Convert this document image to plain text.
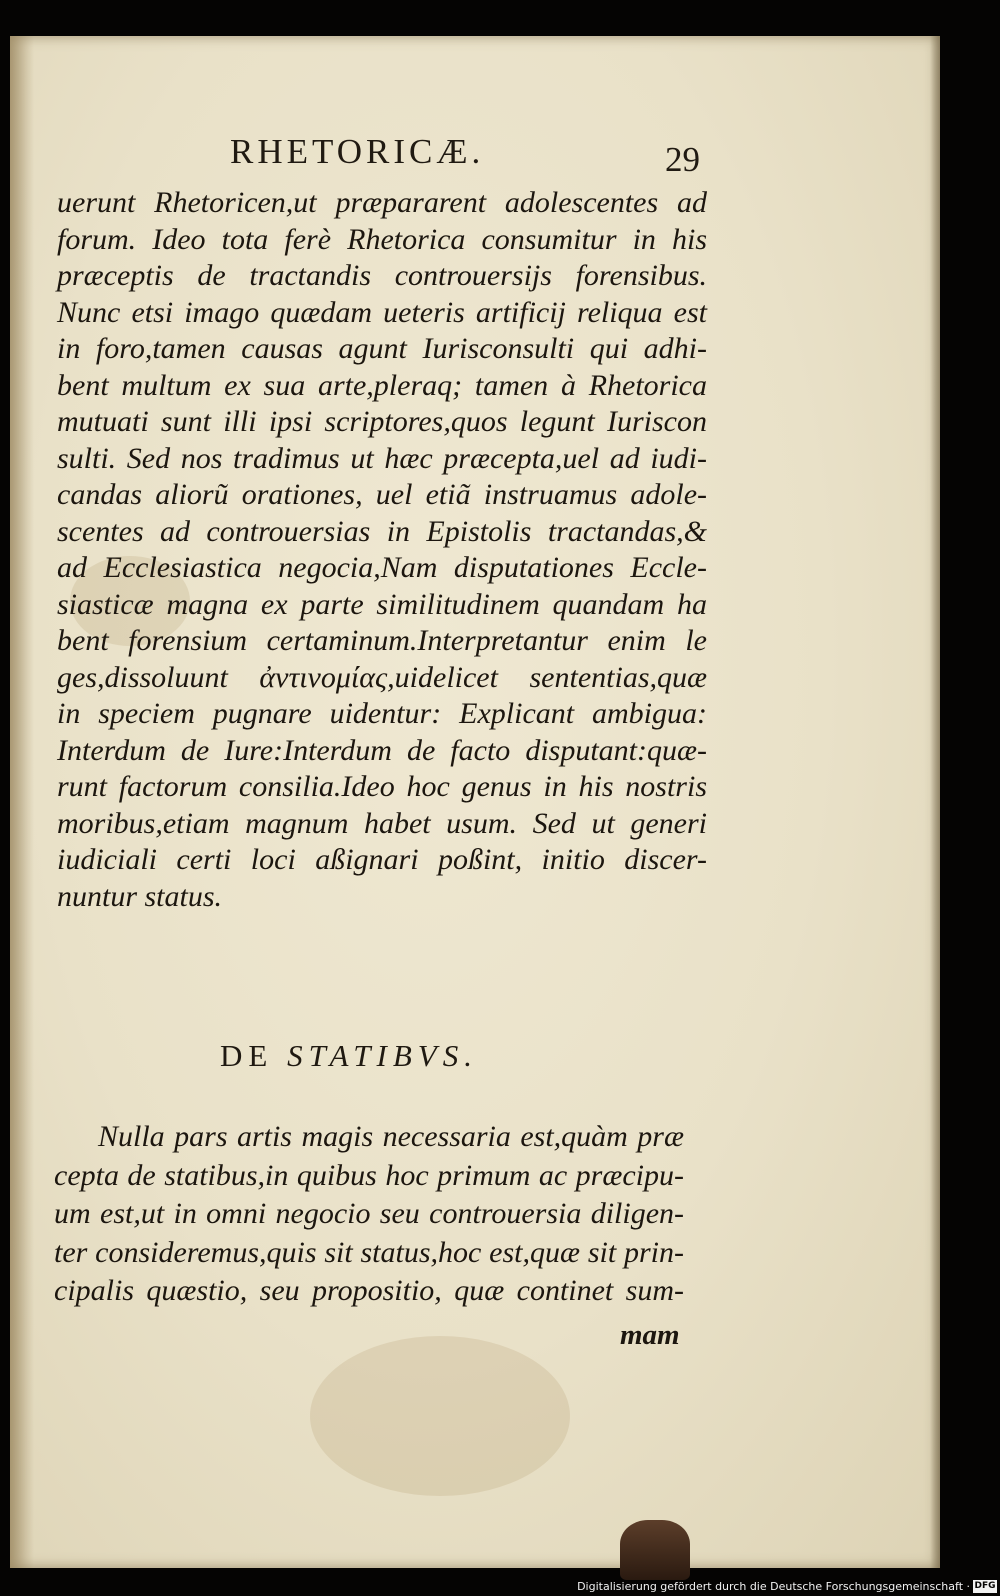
RHETORICÆ.	29
uerunt Rhetoricen,ut præpararent adolescentes ad
forum. Ideo tota ferè Rhetorica consumitur in his
præceptis de tractandis controuersijs forensibus.
Nunc etsi imago quædam ueteris artificij reliqua est
in foro,tamen causas agunt Iurisconsulti qui adhi-
bent multum ex sua arte,pleraq; tamen à Rhetorica
mutuati sunt illi ipsi scriptores,quos legunt Iuriscon
sulti. Sed nos tradimus ut hæc præcepta,uel ad iudi-
candas aliorũ orationes, uel etiã instruamus adole-
scentes ad controuersias in Epistolis tractandas,&
ad Ecclesiastica negocia,Nam disputationes Eccle-
siasticæ magna ex parte similitudinem quandam ha
bent forensium certaminum.Interpretantur enim le
ges,dissoluunt ἀντινομίας,uidelicet sententias,quæ
in speciem pugnare uidentur: Explicant ambigua:
Interdum de Iure:Interdum de facto disputant:quæ-
runt factorum consilia.Ideo hoc genus in his nostris
moribus,etiam magnum habet usum. Sed ut generi
iudiciali certi loci aßignari poßint, initio discer-
nuntur status.
DE STATIBVS.
Nulla pars artis magis necessaria est,quàm præ
cepta de statibus,in quibus hoc primum ac præcipu-
um est,ut in omni negocio seu controuersia diligen-
ter consideremus,quis sit status,hoc est,quæ sit prin-
cipalis quæstio, seu propositio, quæ continet sum-
mam
Digitalisierung gefördert durch die Deutsche Forschungsgemeinschaft · DFG
